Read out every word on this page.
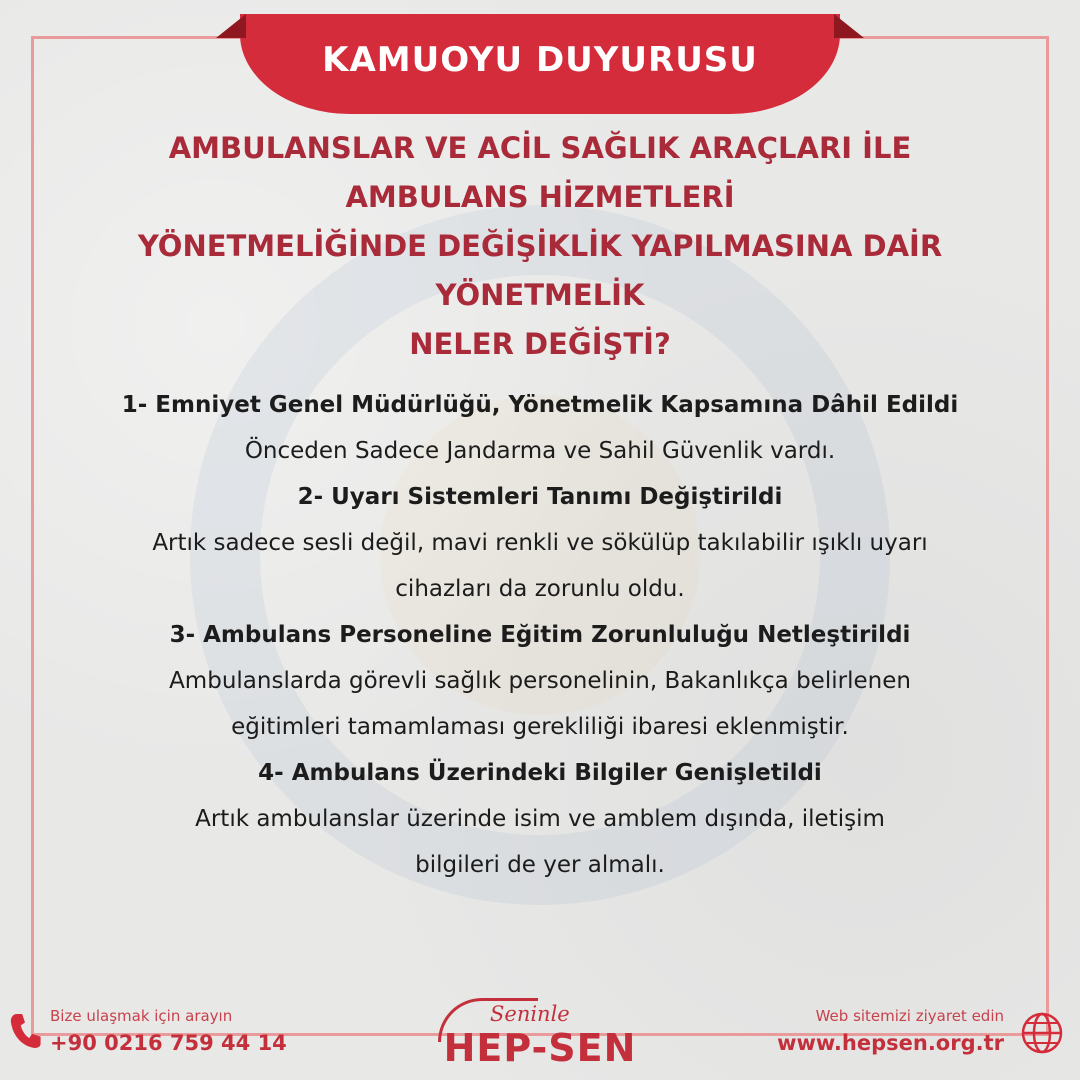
KAMUOYU DUYURUSU
AMBULANSLAR VE ACİL SAĞLIK ARAÇLARI İLE
AMBULANS HİZMETLERİ
YÖNETMELİĞİNDE DEĞİŞİKLİK YAPILMASINA DAİR
YÖNETMELİK
NELER DEĞİŞTİ?
1- Emniyet Genel Müdürlüğü, Yönetmelik Kapsamına Dâhil Edildi
Önceden Sadece Jandarma ve Sahil Güvenlik vardı.
2- Uyarı Sistemleri Tanımı Değiştirildi
Artık sadece sesli değil, mavi renkli ve sökülüp takılabilir ışıklı uyarı
cihazları da zorunlu oldu.
3- Ambulans Personeline Eğitim Zorunluluğu Netleştirildi
Ambulanslarda görevli sağlık personelinin, Bakanlıkça belirlenen
eğitimleri tamamlaması gerekliliği ibaresi eklenmiştir.
4- Ambulans Üzerindeki Bilgiler Genişletildi
Artık ambulanslar üzerinde isim ve amblem dışında, iletişim
bilgileri de yer almalı.
Bize ulaşmak için arayın
+90 0216 759 44 14
Seninle
HEP-SEN
Web sitemizi ziyaret edin
www.hepsen.org.tr
